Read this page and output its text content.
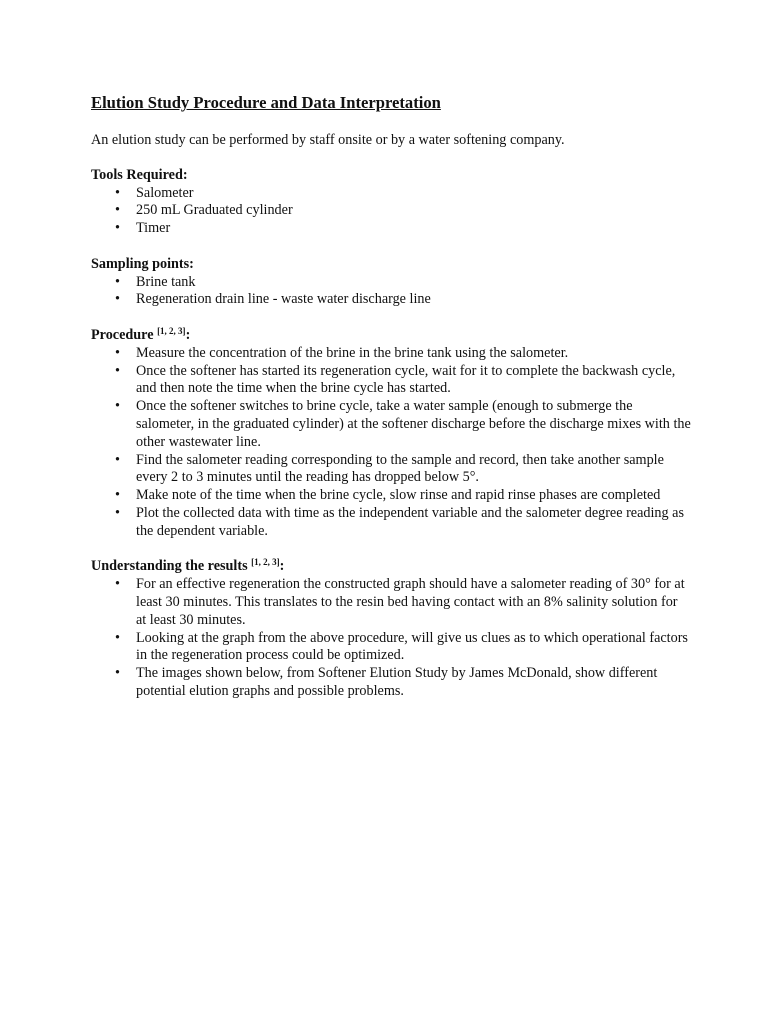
Elution Study Procedure and Data Interpretation

An elution study can be performed by staff onsite or by a water softening company.

Tools Required:

• Salometer
• 250 mL Graduated cylinder
• Timer

Sampling points:

• Brine tank
• Regeneration drain line - waste water discharge line

Procedure [1, 2, 3]:

• Measure the concentration of the brine in the brine tank using the salometer.
• Once the softener has started its regeneration cycle, wait for it to complete the backwash cycle, and then note the time when the brine cycle has started.
• Once the softener switches to brine cycle, take a water sample (enough to submerge the salometer, in the graduated cylinder) at the softener discharge before the discharge mixes with the other wastewater line.
• Find the salometer reading corresponding to the sample and record, then take another sample every 2 to 3 minutes until the reading has dropped below 5°.
• Make note of the time when the brine cycle, slow rinse and rapid rinse phases are completed
• Plot the collected data with time as the independent variable and the salometer degree reading as the dependent variable.

Understanding the results [1, 2, 3]:

• For an effective regeneration the constructed graph should have a salometer reading of 30° for at least 30 minutes. This translates to the resin bed having contact with an 8% salinity solution for at least 30 minutes.
• Looking at the graph from the above procedure, will give us clues as to which operational factors in the regeneration process could be optimized.
• The images shown below, from Softener Elution Study by James McDonald, show different potential elution graphs and possible problems.
